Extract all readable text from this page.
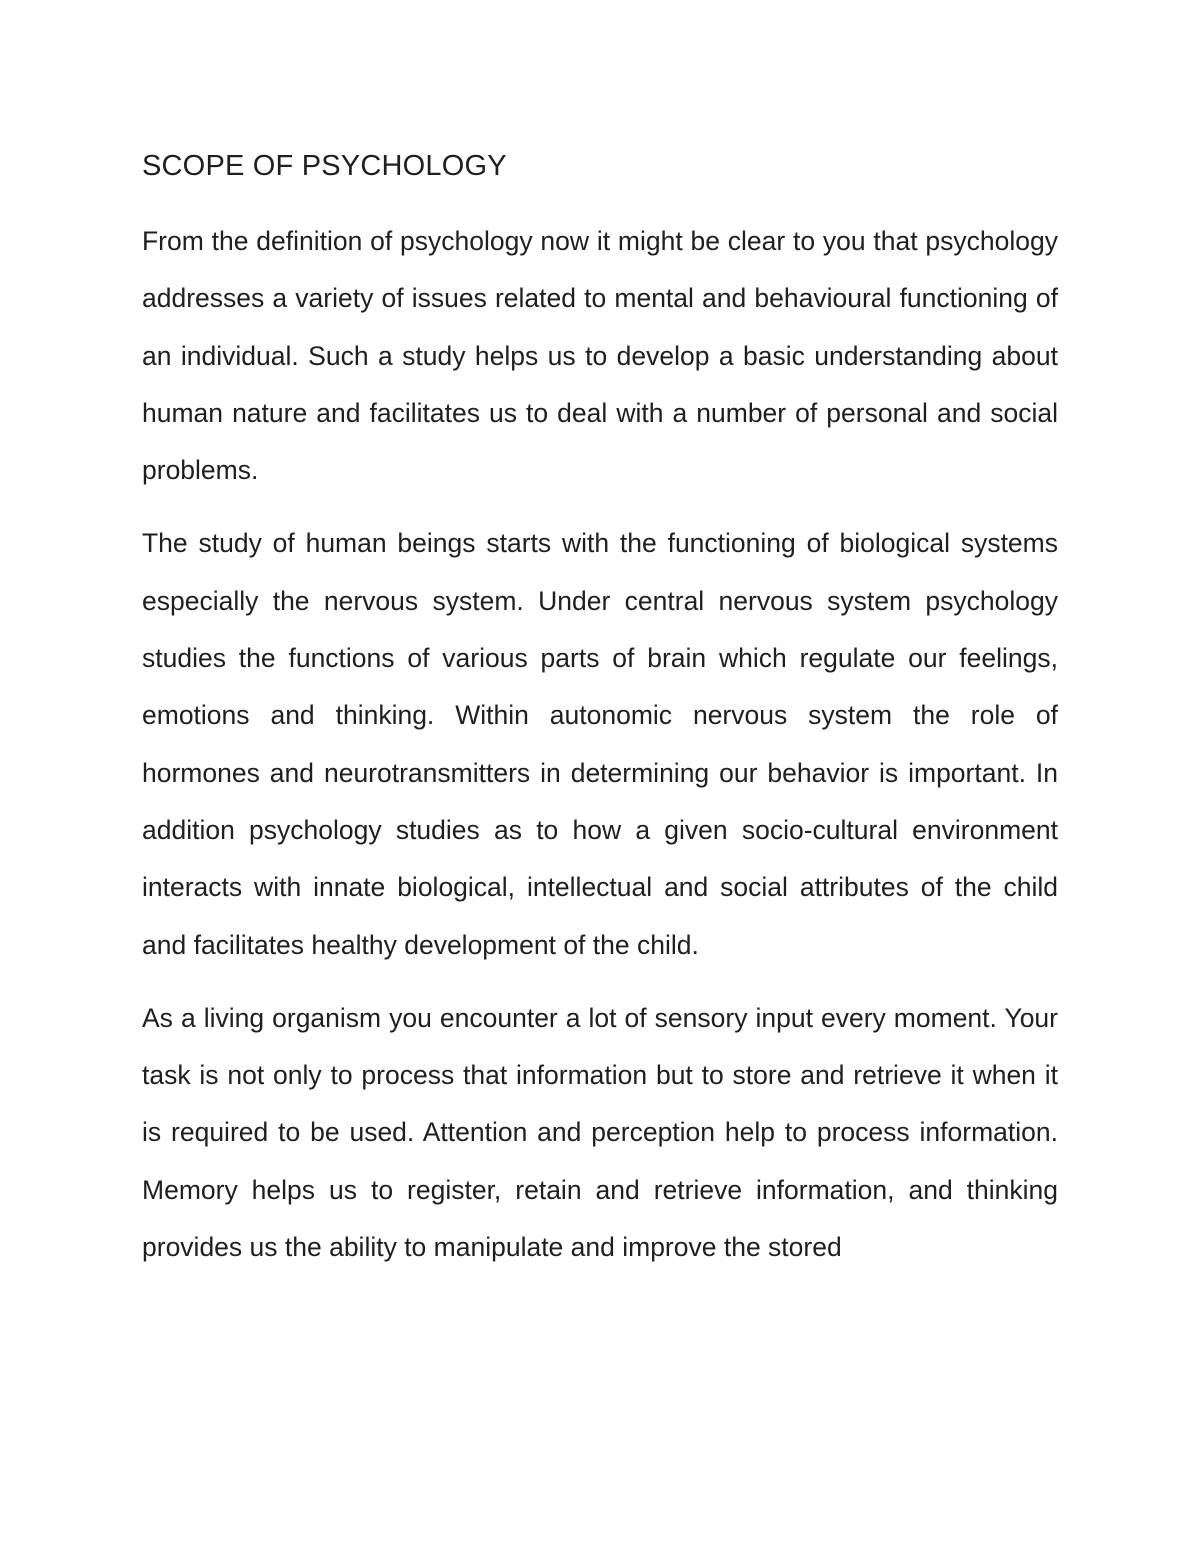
SCOPE OF PSYCHOLOGY

From the definition of psychology now it might be clear to you that psychology addresses a variety of issues related to mental and behavioural functioning of an individual. Such a study helps us to develop a basic understanding about human nature and facilitates us to deal with a number of personal and social problems.

The study of human beings starts with the functioning of biological systems especially the nervous system. Under central nervous system psychology studies the functions of various parts of brain which regulate our feelings, emotions and thinking. Within autonomic nervous system the role of hormones and neurotransmitters in determining our behavior is important. In addition psychology studies as to how a given socio-cultural environment interacts with innate biological, intellectual and social attributes of the child and facilitates healthy development of the child.

As a living organism you encounter a lot of sensory input every moment. Your task is not only to process that information but to store and retrieve it when it is required to be used. Attention and perception help to process information. Memory helps us to register, retain and retrieve information, and thinking provides us the ability to manipulate and improve the stored
